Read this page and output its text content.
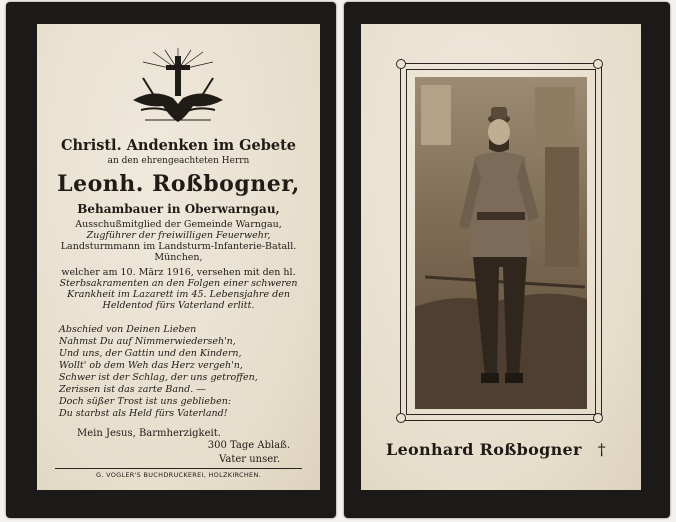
Christl. Andenken im Gebete
an den ehrengeachteten Herrn
Leonh. Roßbogner,
Behambauer in Oberwarngau,
Ausschußmitglied der Gemeinde Warngau,
Zugführer der freiwilligen Feuerwehr,
Landsturmmann im Landsturm-Infanterie-Batall.
München,
welcher am 10. März 1916, versehen mit den hl.
Sterbsakramenten an den Folgen einer schweren
Krankheit im Lazarett im 45. Lebensjahre den
Heldentod fürs Vaterland erlitt.
Abschied von Deinen Lieben
Nahmst Du auf Nimmerwiederseh'n,
Und uns, der Gattin und den Kindern,
Wollt' ob dem Weh das Herz vergeh'n,
Schwer ist der Schlag, der uns getroffen,
Zerissen ist das zarte Band. —
Doch süßer Trost ist uns geblieben:
Du starbst als Held fürs Vaterland!
Mein Jesus, Barmherzigkeit.
300 Tage Ablaß.
Vater unser.
G. VOGLER'S BUCHDRUCKEREI, HOLZKIRCHEN.
Leonhard Roßbogner †
